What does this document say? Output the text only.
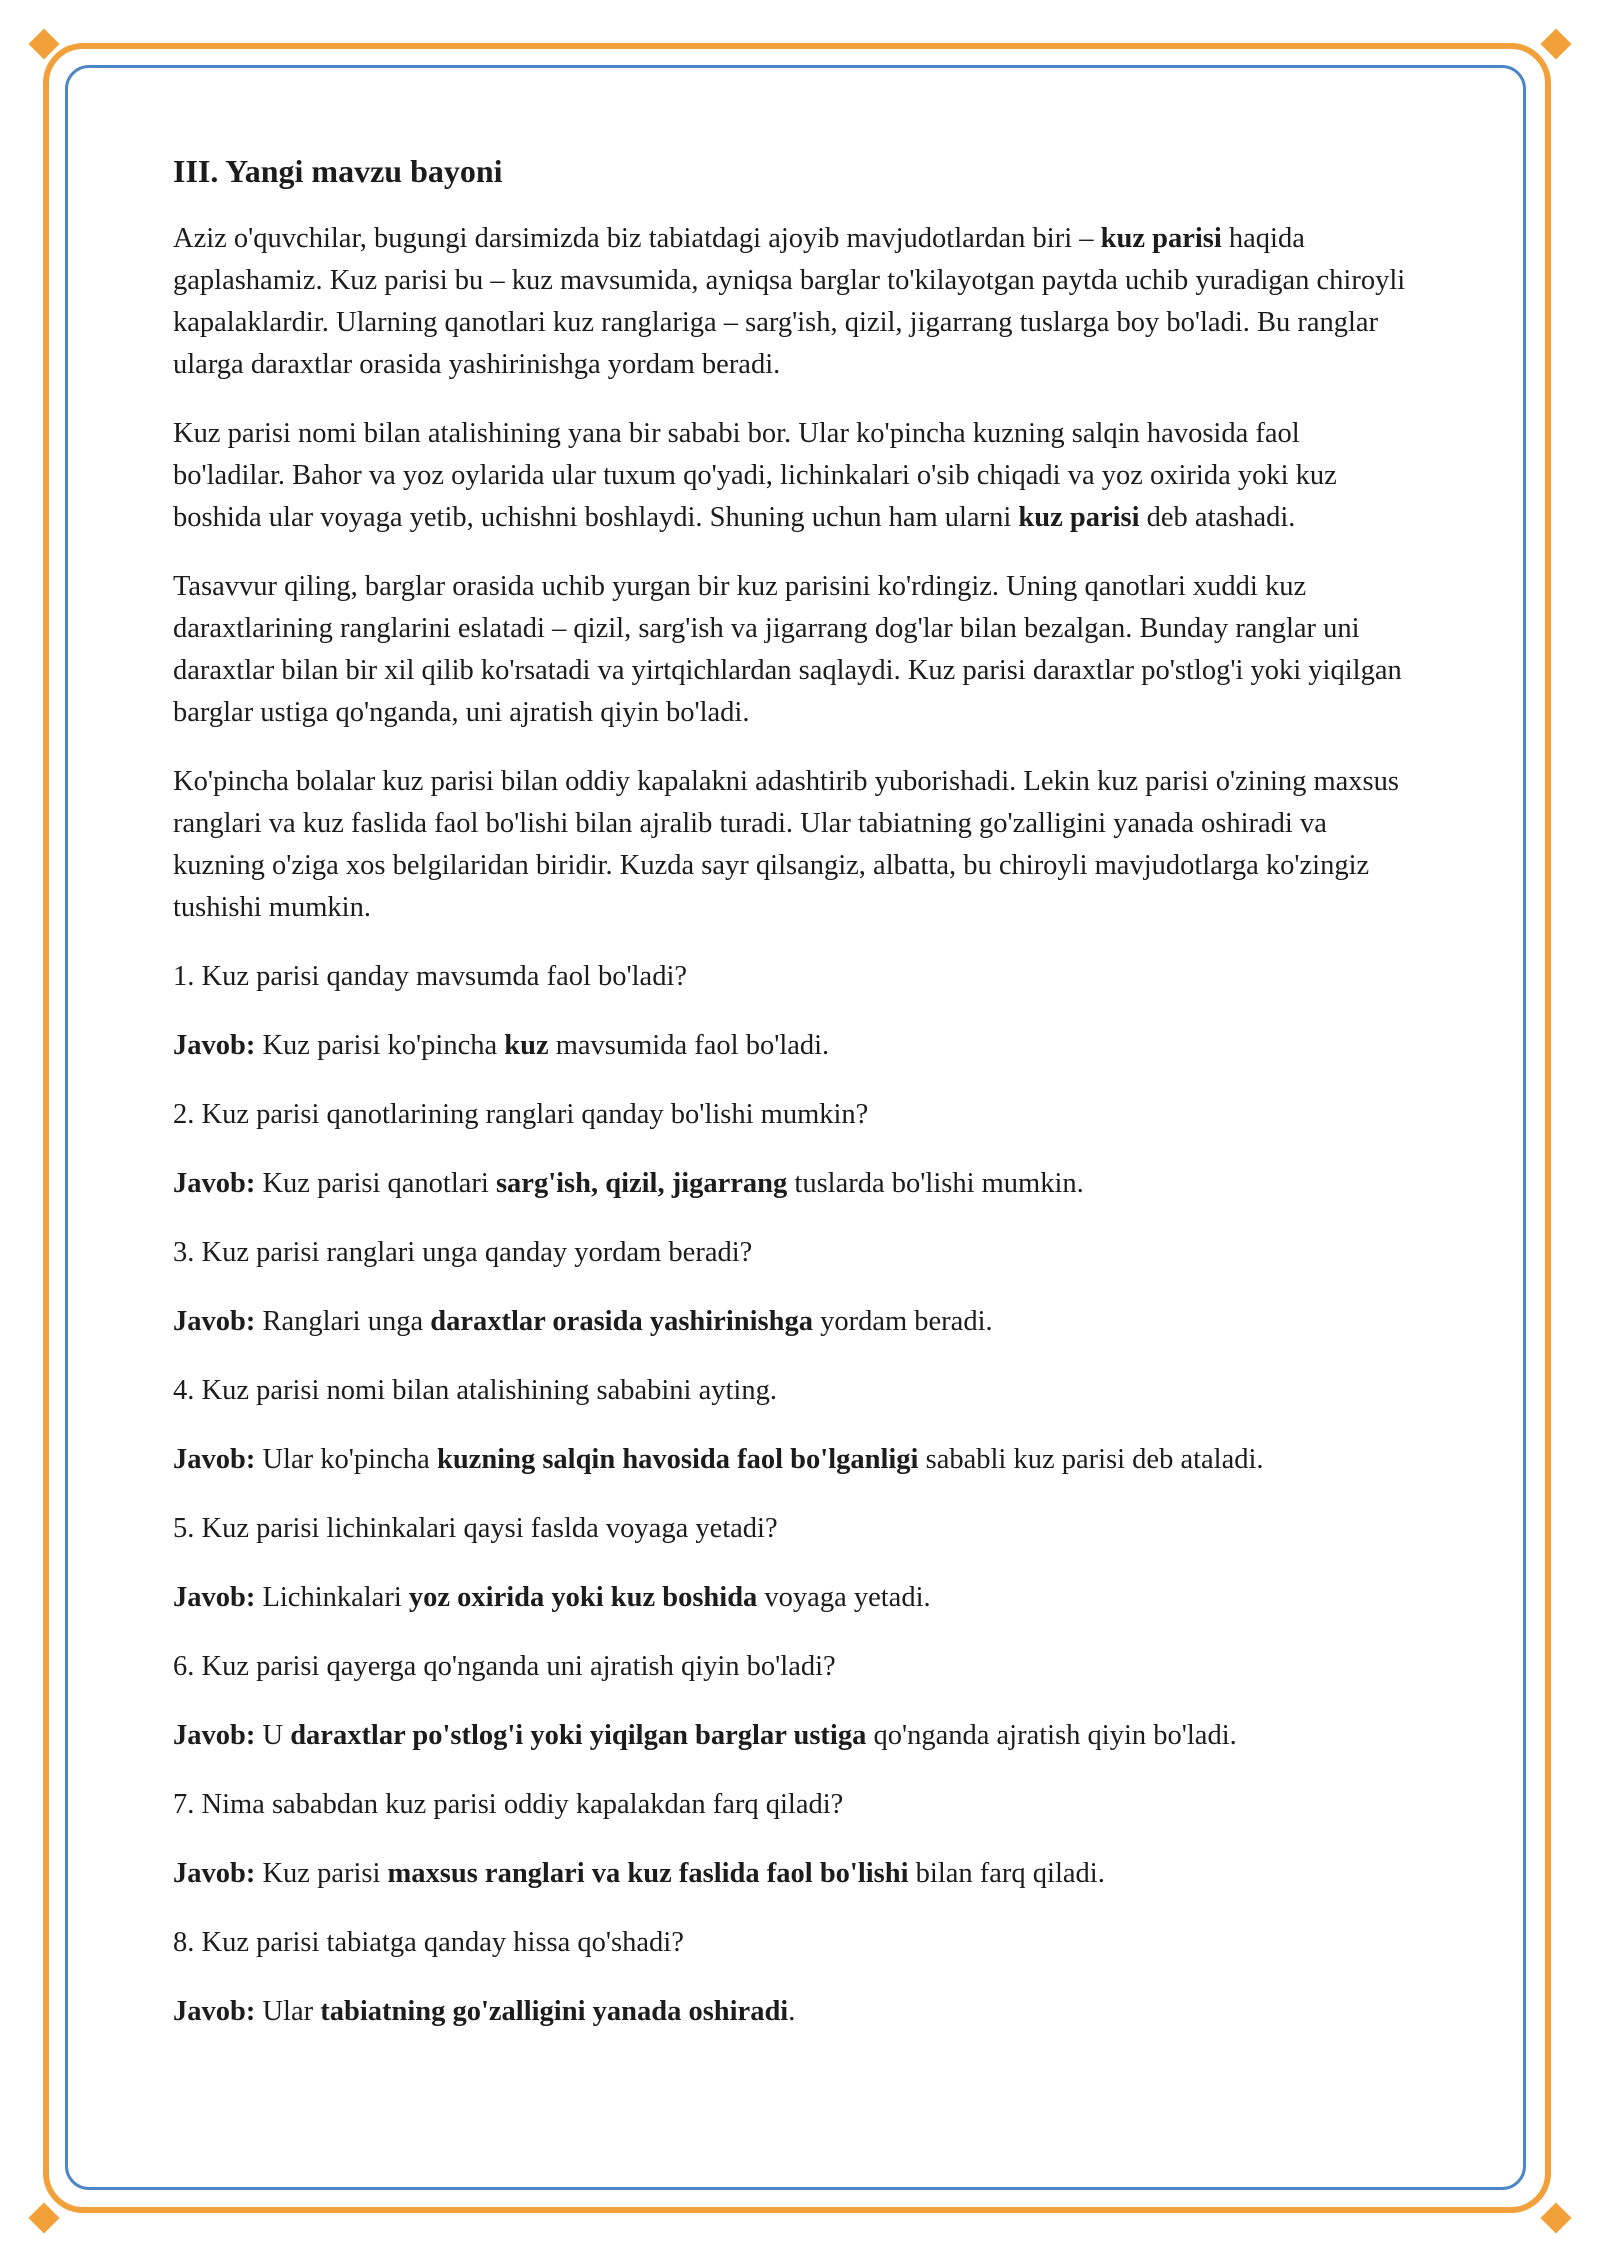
III. Yangi mavzu bayoni

Aziz o'quvchilar, bugungi darsimizda biz tabiatdagi ajoyib mavjudotlardan biri – kuz parisi haqida gaplashamiz. Kuz parisi bu – kuz mavsumida, ayniqsa barglar to'kilayotgan paytda uchib yuradigan chiroyli kapalaklardir. Ularning qanotlari kuz ranglariga – sarg'ish, qizil, jigarrang tuslarga boy bo'ladi. Bu ranglar ularga daraxtlar orasida yashirinishga yordam beradi.

Kuz parisi nomi bilan atalishining yana bir sababi bor. Ular ko'pincha kuzning salqin havosida faol bo'ladilar. Bahor va yoz oylarida ular tuxum qo'yadi, lichinkalari o'sib chiqadi va yoz oxirida yoki kuz boshida ular voyaga yetib, uchishni boshlaydi. Shuning uchun ham ularni kuz parisi deb atashadi.

Tasavvur qiling, barglar orasida uchib yurgan bir kuz parisini ko'rdingiz. Uning qanotlari xuddi kuz daraxtlarining ranglarini eslatadi – qizil, sarg'ish va jigarrang dog'lar bilan bezalgan. Bunday ranglar uni daraxtlar bilan bir xil qilib ko'rsatadi va yirtqichlardan saqlaydi. Kuz parisi daraxtlar po'stlog'i yoki yiqilgan barglar ustiga qo'nganda, uni ajratish qiyin bo'ladi.

Ko'pincha bolalar kuz parisi bilan oddiy kapalakni adashtirib yuborishadi. Lekin kuz parisi o'zining maxsus ranglari va kuz faslida faol bo'lishi bilan ajralib turadi. Ular tabiatning go'zalligini yanada oshiradi va kuzning o'ziga xos belgilaridan biridir. Kuzda sayr qilsangiz, albatta, bu chiroyli mavjudotlarga ko'zingiz tushishi mumkin.

1. Kuz parisi qanday mavsumda faol bo'ladi?

Javob: Kuz parisi ko'pincha kuz mavsumida faol bo'ladi.

2. Kuz parisi qanotlarining ranglari qanday bo'lishi mumkin?

Javob: Kuz parisi qanotlari sarg'ish, qizil, jigarrang tuslarda bo'lishi mumkin.

3. Kuz parisi ranglari unga qanday yordam beradi?

Javob: Ranglari unga daraxtlar orasida yashirinishga yordam beradi.

4. Kuz parisi nomi bilan atalishining sababini ayting.

Javob: Ular ko'pincha kuzning salqin havosida faol bo'lganligi sababli kuz parisi deb ataladi.

5. Kuz parisi lichinkalari qaysi faslda voyaga yetadi?

Javob: Lichinkalari yoz oxirida yoki kuz boshida voyaga yetadi.

6. Kuz parisi qayerga qo'nganda uni ajratish qiyin bo'ladi?

Javob: U daraxtlar po'stlog'i yoki yiqilgan barglar ustiga qo'nganda ajratish qiyin bo'ladi.

7. Nima sababdan kuz parisi oddiy kapalakdan farq qiladi?

Javob: Kuz parisi maxsus ranglari va kuz faslida faol bo'lishi bilan farq qiladi.

8. Kuz parisi tabiatga qanday hissa qo'shadi?

Javob: Ular tabiatning go'zalligini yanada oshiradi.
